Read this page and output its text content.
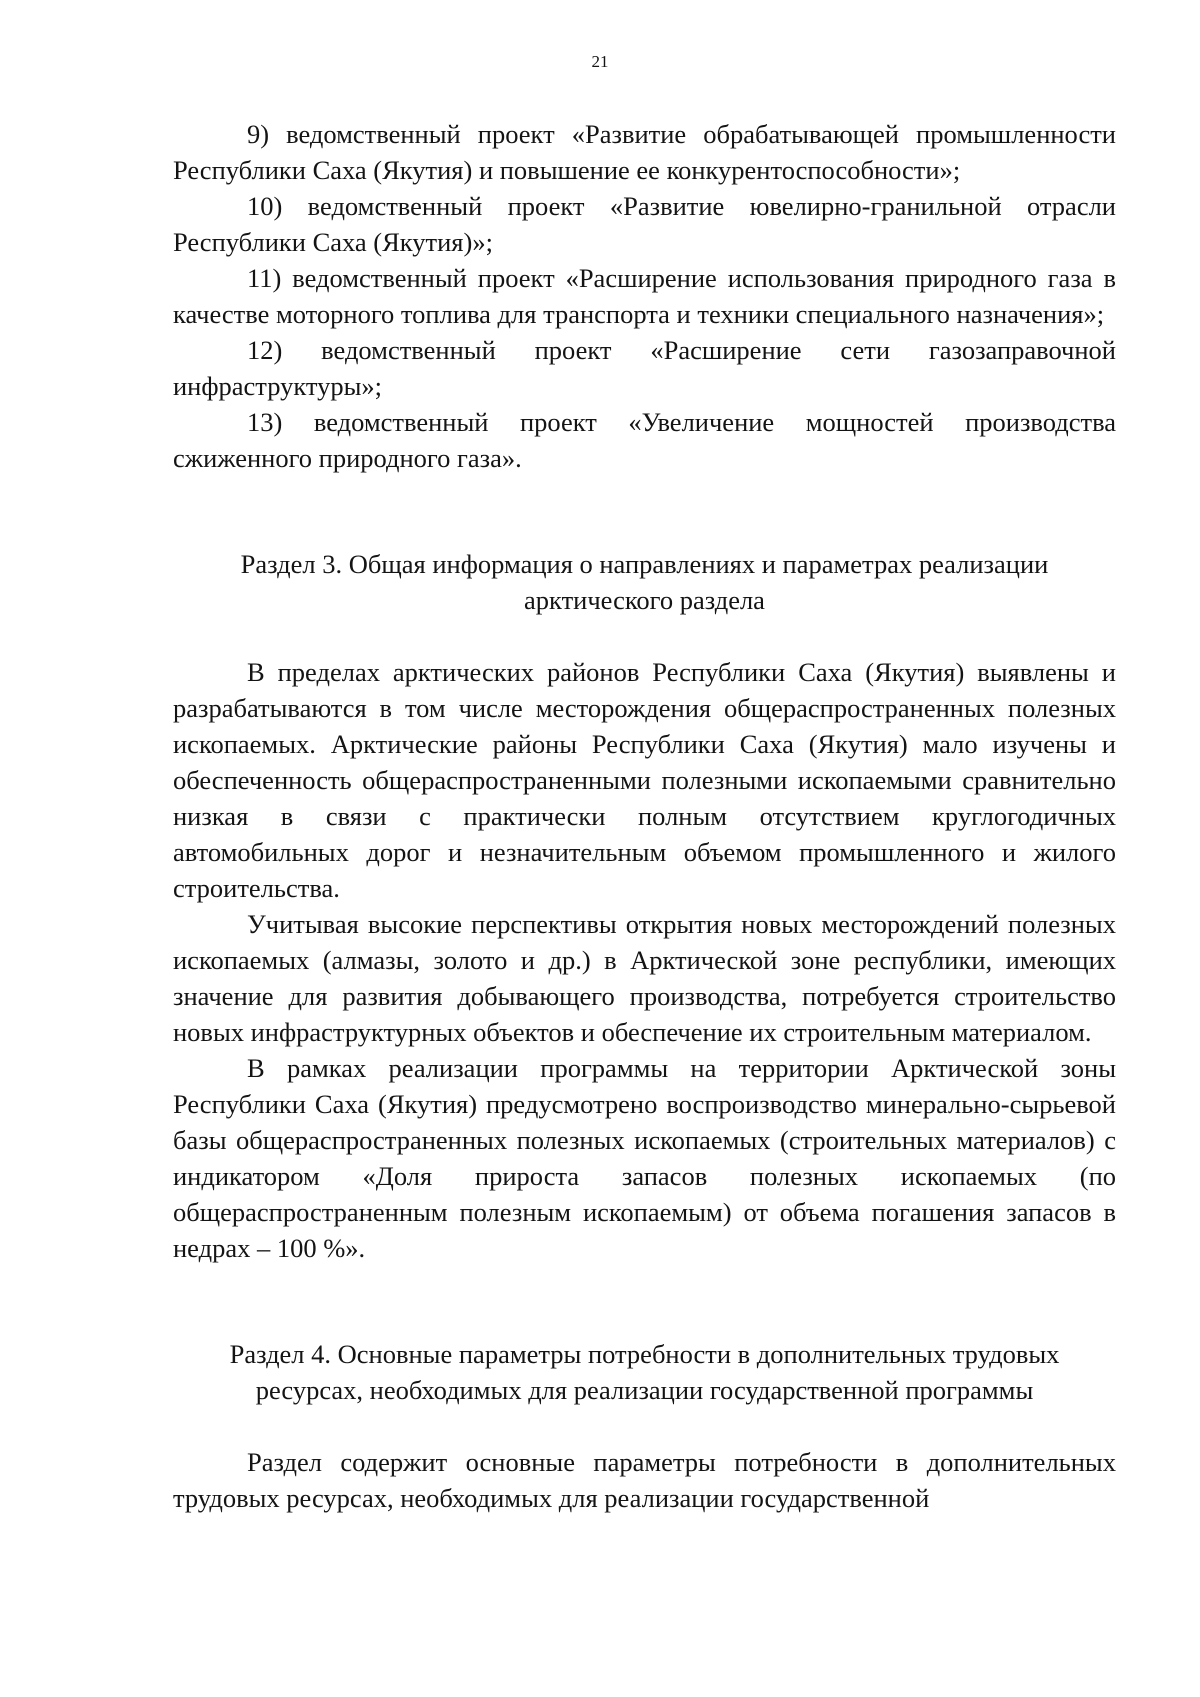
21

9) ведомственный проект «Развитие обрабатывающей промышленности Республики Саха (Якутия) и повышение ее конкурентоспособности»;

10) ведомственный проект «Развитие ювелирно-гранильной отрасли Республики Саха (Якутия)»;

11) ведомственный проект «Расширение использования природного газа в качестве моторного топлива для транспорта и техники специального назначения»;

12) ведомственный проект «Расширение сети газозаправочной инфраструктуры»;

13) ведомственный проект «Увеличение мощностей производства сжиженного природного газа».

Раздел 3. Общая информация о направлениях и параметрах реализации
арктического раздела

В пределах арктических районов Республики Саха (Якутия) выявлены и разрабатываются в том числе месторождения общераспространенных полезных ископаемых. Арктические районы Республики Саха (Якутия) мало изучены и обеспеченность общераспространенными полезными ископаемыми сравнительно низкая в связи с практически полным отсутствием круглогодичных автомобильных дорог и незначительным объемом промышленного и жилого строительства.

Учитывая высокие перспективы открытия новых месторождений полезных ископаемых (алмазы, золото и др.) в Арктической зоне республики, имеющих значение для развития добывающего производства, потребуется строительство новых инфраструктурных объектов и обеспечение их строительным материалом.

В рамках реализации программы на территории Арктической зоны Республики Саха (Якутия) предусмотрено воспроизводство минерально-сырьевой базы общераспространенных полезных ископаемых (строительных материалов) с индикатором «Доля прироста запасов полезных ископаемых (по общераспространенным полезным ископаемым) от объема погашения запасов в недрах – 100 %».

Раздел 4. Основные параметры потребности в дополнительных трудовых
ресурсах, необходимых для реализации государственной программы

Раздел содержит основные параметры потребности в дополнительных трудовых ресурсах, необходимых для реализации государственной
